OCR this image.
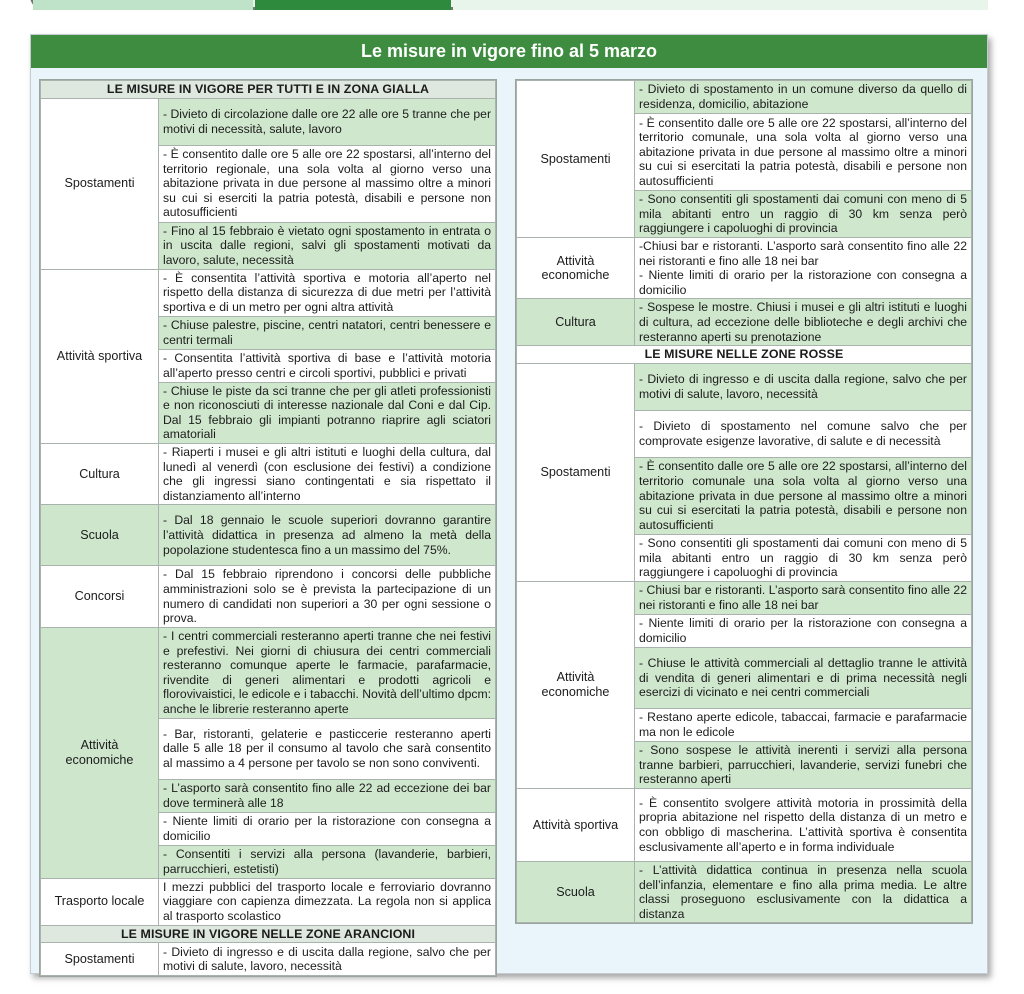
Le misure in vigore fino al 5 marzo
LE MISURE IN VIGORE PER TUTTI E IN ZONA GIALLA	
Spostamenti	- Divieto di circolazione dalle ore 22 alle ore 5 tranne che per motivi di necessità, salute, lavoro
	- È consentito dalle ore 5 alle ore 22 spostarsi, all’interno del territorio regionale, una sola volta al giorno verso una abitazione privata in due persone al massimo oltre a minori su cui si eserciti la patria potestà, disabili e persone non autosufficienti
	- Fino al 15 febbraio è vietato ogni spostamento in entrata o in uscita dalle regioni, salvi gli spostamenti motivati da lavoro, salute, necessità
Attività sportiva	- È consentita l’attività sportiva e motoria all’aperto nel rispetto della distanza di sicurezza di due metri per l’attività sportiva e di un metro per ogni altra attività
	- Chiuse palestre, piscine, centri natatori, centri benessere e centri termali
	- Consentita l’attività sportiva di base e l’attività motoria all’aperto presso centri e circoli sportivi, pubblici e privati
	- Chiuse le piste da sci tranne che per gli atleti professionisti e non riconosciuti di interesse nazionale dal Coni e dal Cip. Dal 15 febbraio gli impianti potranno riaprire agli sciatori amatoriali
Cultura	- Riaperti i musei e gli altri istituti e luoghi della cultura, dal lunedì al venerdì (con esclusione dei festivi) a condizione che gli ingressi siano contingentati e sia rispettato il distanziamento all’interno
Scuola	- Dal 18 gennaio le scuole superiori dovranno garantire l’attività didattica in presenza ad almeno la metà della popolazione studentesca fino a un massimo del 75%.
Concorsi	- Dal 15 febbraio riprendono i concorsi delle pubbliche amministrazioni solo se è prevista la partecipazione di un numero di candidati non superiori a 30 per ogni sessione o prova.
Attività economiche	- I centri commerciali resteranno aperti tranne che nei festivi e prefestivi. Nei giorni di chiusura dei centri commerciali resteranno comunque aperte le farmacie, parafarmacie, rivendite di generi alimentari e prodotti agricoli e florovivaistici, le edicole e i tabacchi. Novità dell’ultimo dpcm: anche le librerie resteranno aperte
	- Bar, ristoranti, gelaterie e pasticcerie resteranno aperti dalle 5 alle 18 per il consumo al tavolo che sarà consentito al massimo a 4 persone per tavolo se non sono conviventi.
	- L’asporto sarà consentito fino alle 22 ad eccezione dei bar dove terminerà alle 18
	- Niente limiti di orario per la ristorazione con consegna a domicilio
	- Consentiti i servizi alla persona (lavanderie, barbieri, parrucchieri, estetisti)
Trasporto locale	I mezzi pubblici del trasporto locale e ferroviario dovranno viaggiare con capienza dimezzata. La regola non si applica al trasporto scolastico
LE MISURE IN VIGORE NELLE ZONE ARANCIONI	
Spostamenti	- Divieto di ingresso e di uscita dalla regione, salvo che per motivi di salute, lavoro, necessità
Spostamenti	- Divieto di spostamento in un comune diverso da quello di residenza, domicilio, abitazione
	- È consentito dalle ore 5 alle ore 22 spostarsi, all’interno del territorio comunale, una sola volta al giorno verso una abitazione privata in due persone al massimo oltre a minori su cui si esercitati la patria potestà, disabili e persone non autosufficienti
	- Sono consentiti gli spostamenti dai comuni con meno di 5 mila abitanti entro un raggio di 30 km senza però raggiungere i capoluoghi di provincia
Attività economiche	-Chiusi bar e ristoranti. L’asporto sarà consentito fino alle 22 nei ristoranti e fino alle 18 nei bar
- Niente limiti di orario per la ristorazione con consegna a domicilio
Cultura	- Sospese le mostre. Chiusi i musei e gli altri istituti e luoghi di cultura, ad eccezione delle biblioteche e degli archivi che resteranno aperti su prenotazione
LE MISURE NELLE ZONE ROSSE	
Spostamenti	- Divieto di ingresso e di uscita dalla regione, salvo che per motivi di salute, lavoro, necessità
	- Divieto di spostamento nel comune salvo che per comprovate esigenze lavorative, di salute e di necessità
	- È consentito dalle ore 5 alle ore 22 spostarsi, all’interno del territorio comunale una sola volta al giorno verso una abitazione privata in due persone al massimo oltre a minori su cui si esercitati la patria potestà, disabili e persone non autosufficienti
	- Sono consentiti gli spostamenti dai comuni con meno di 5 mila abitanti entro un raggio di 30 km senza però raggiungere i capoluoghi di provincia
Attività economiche	- Chiusi bar e ristoranti. L’asporto sarà consentito fino alle 22 nei ristoranti e fino alle 18 nei bar
	- Niente limiti di orario per la ristorazione con consegna a domicilio
	- Chiuse le attività commerciali al dettaglio tranne le attività di vendita di generi alimentari e di prima necessità negli esercizi di vicinato e nei centri commerciali
	- Restano aperte edicole, tabaccai, farmacie e parafarmacie ma non le edicole
	- Sono sospese le attività inerenti i servizi alla persona tranne barbieri, parrucchieri, lavanderie, servizi funebri che resteranno aperti
Attività sportiva	- È consentito svolgere attività motoria in prossimità della propria abitazione nel rispetto della distanza di un metro e con obbligo di mascherina. L’attività sportiva è consentita esclusivamente all’aperto e in forma individuale
Scuola	- L’attività didattica continua in presenza nella scuola dell’infanzia, elementare e fino alla prima media. Le altre classi proseguono esclusivamente con la didattica a distanza
